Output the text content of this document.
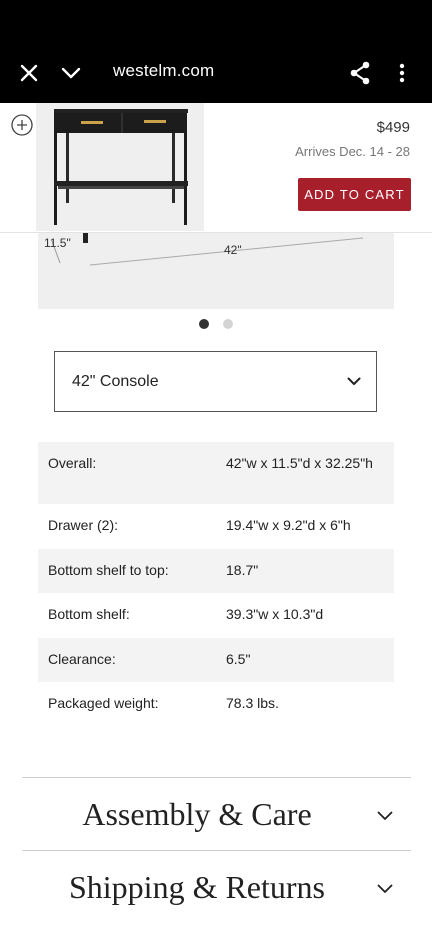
westelm.com
11.5"	42"
$499
Arrives Dec. 14 - 28
ADD TO CART
42" Console
Overall:	42"w x 11.5"d x 32.25"h
Drawer (2):	19.4"w x 9.2"d x 6"h
Bottom shelf to top:	18.7"
Bottom shelf:	39.3"w x 10.3"d
Clearance:	6.5"
Packaged weight:	78.3 lbs.
Assembly & Care
Shipping & Returns
